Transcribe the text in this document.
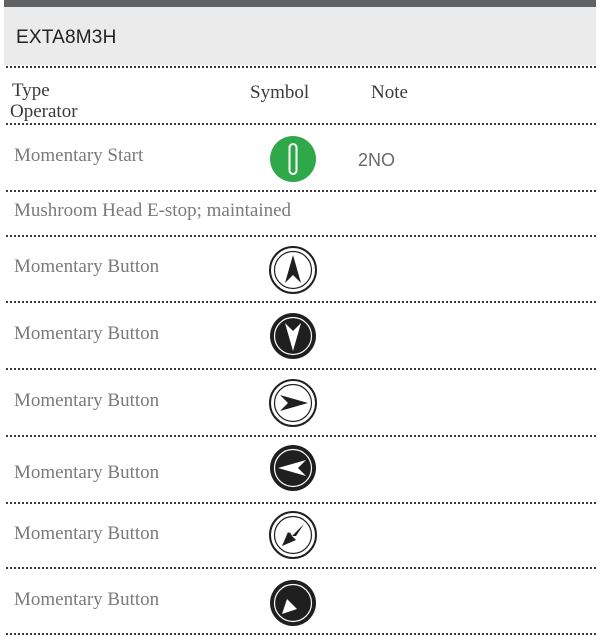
EXTA8M3H
Type
Operator
Symbol	Note
Momentary Start	2NO
Mushroom Head E-stop; maintained
Momentary Button
Momentary Button
Momentary Button
Momentary Button
Momentary Button
Momentary Button
